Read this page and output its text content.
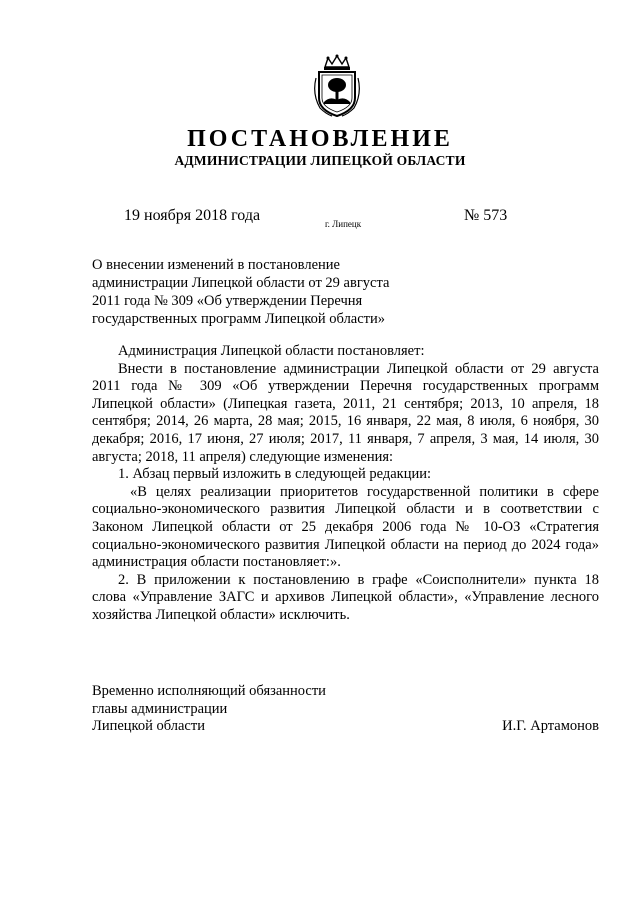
ПОСТАНОВЛЕНИЕ
АДМИНИСТРАЦИИ ЛИПЕЦКОЙ ОБЛАСТИ
19 ноября 2018 года	г. Липецк	№ 573
О внесении изменений в постановление
администрации Липецкой области от 29 августа
2011 года № 309 «Об утверждении Перечня
государственных программ Липецкой области»

Администрация Липецкой области постановляет:

Внести в постановление администрации Липецкой области от 29 августа 2011 года № 309 «Об утверждении Перечня государственных программ Липецкой области» (Липецкая газета, 2011, 21 сентября; 2013, 10 апреля, 18 сентября; 2014, 26 марта, 28 мая; 2015, 16 января, 22 мая, 8 июля, 6 ноября, 30 декабря; 2016, 17 июня, 27 июля; 2017, 11 января, 7 апреля, 3 мая, 14 июля, 30 августа; 2018, 11 апреля) следующие изменения:

1. Абзац первый изложить в следующей редакции:

«В целях реализации приоритетов государственной политики в сфере социально-экономического развития Липецкой области и в соответствии с Законом Липецкой области от 25 декабря 2006 года № 10-ОЗ «Стратегия социально-экономического развития Липецкой области на период до 2024 года» администрация области постановляет:».

2. В приложении к постановлению в графе «Соисполнители» пункта 18 слова «Управление ЗАГС и архивов Липецкой области», «Управление лесного хозяйства Липецкой области» исключить.

Временно исполняющий обязанности
главы администрации
Липецкой области	И.Г. Артамонов
